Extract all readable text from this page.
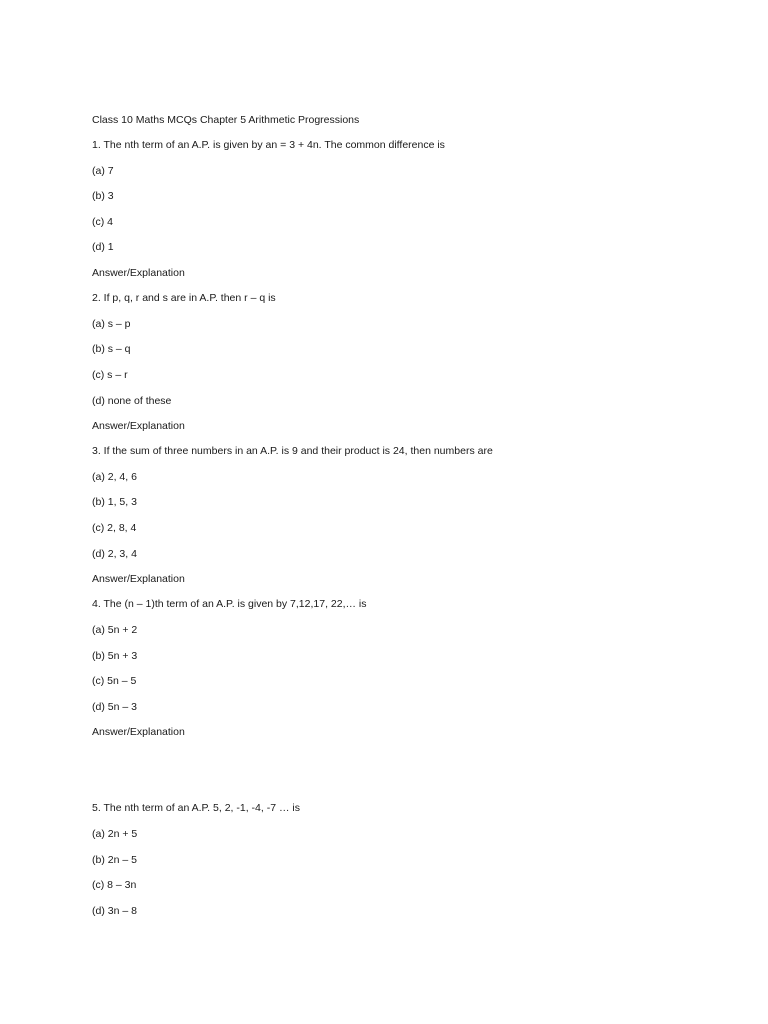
Class 10 Maths MCQs Chapter 5 Arithmetic Progressions
1. The nth term of an A.P. is given by an = 3 + 4n. The common difference is
(a) 7
(b) 3
(c) 4
(d) 1
Answer/Explanation
2. If p, q, r and s are in A.P. then r – q is
(a) s – p
(b) s – q
(c) s – r
(d) none of these
Answer/Explanation
3. If the sum of three numbers in an A.P. is 9 and their product is 24, then numbers are
(a) 2, 4, 6
(b) 1, 5, 3
(c) 2, 8, 4
(d) 2, 3, 4
Answer/Explanation
4. The (n – 1)th term of an A.P. is given by 7,12,17, 22,… is
(a) 5n + 2
(b) 5n + 3
(c) 5n – 5
(d) 5n – 3
Answer/Explanation
5. The nth term of an A.P. 5, 2, -1, -4, -7 … is
(a) 2n + 5
(b) 2n – 5
(c) 8 – 3n
(d) 3n – 8
